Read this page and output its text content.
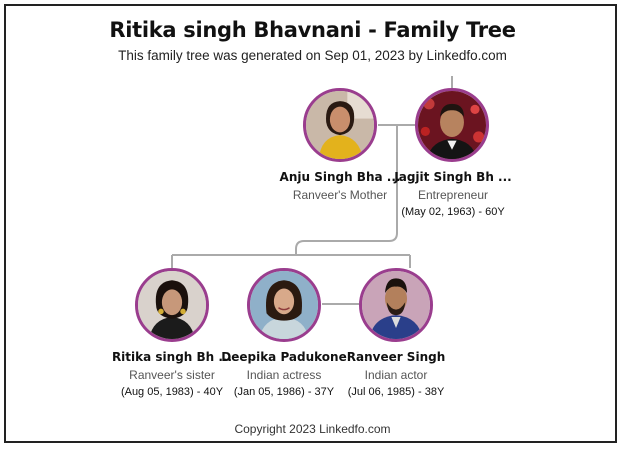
Ritika singh Bhavnani - Family Tree
This family tree was generated on Sep 01, 2023 by Linkedfo.com
Anju Singh Bha ...
Ranveer's Mother
Jagjit Singh Bh ...
Entrepreneur
(May 02, 1963) - 60Y
Ritika singh Bh ...
Ranveer's sister
(Aug 05, 1983) - 40Y
Deepika Padukone
Indian actress
(Jan 05, 1986) - 37Y
Ranveer Singh
Indian actor
(Jul 06, 1985) - 38Y
Copyright 2023 Linkedfo.com
